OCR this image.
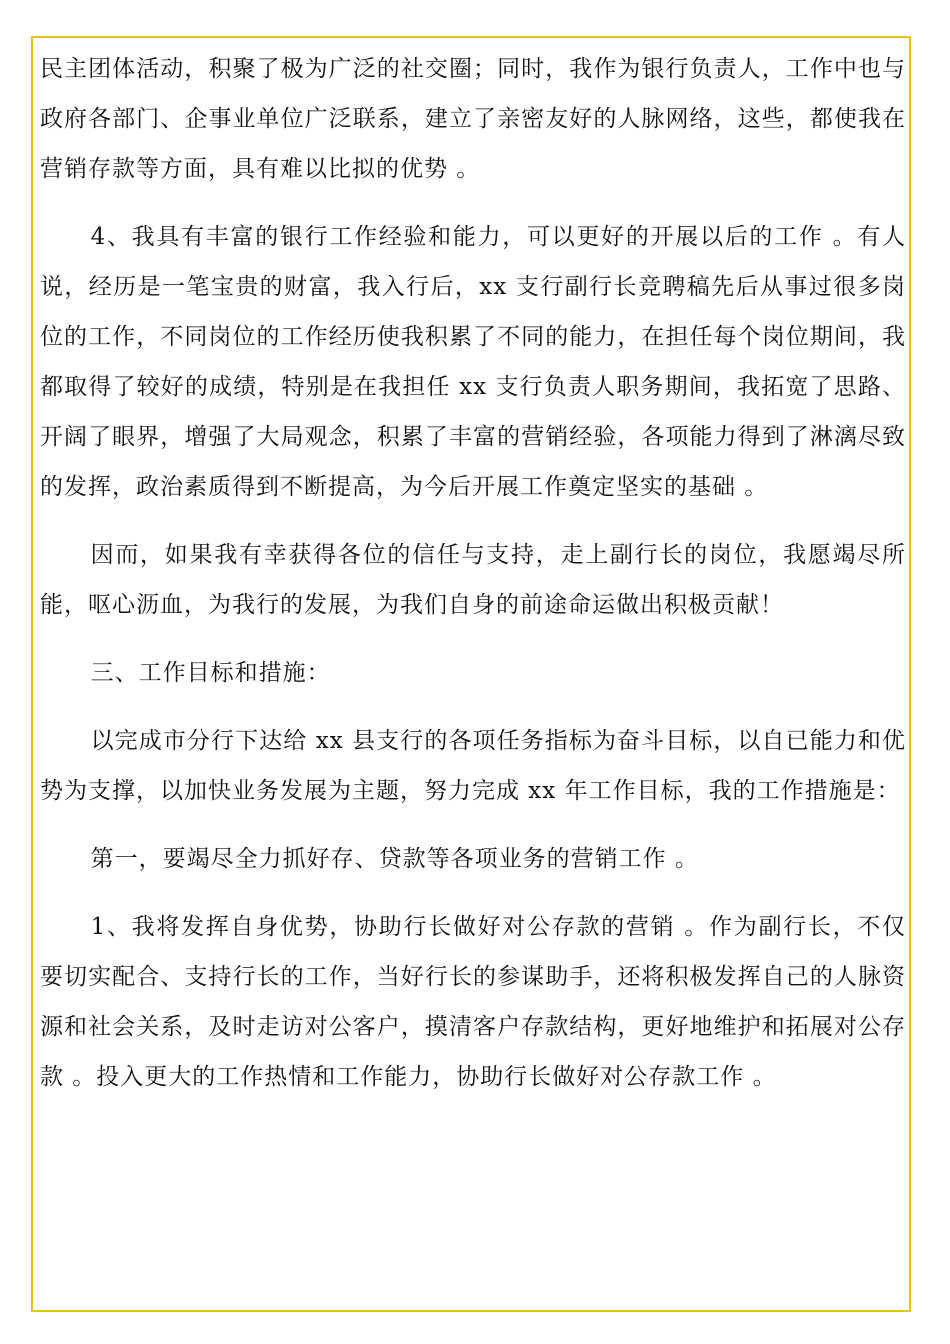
民主团体活动，积聚了极为广泛的社交圈；同时，我作为银行负责人，工作中也与政府各部门、企事业单位广泛联系，建立了亲密友好的人脉网络，这些，都使我在营销存款等方面，具有难以比拟的优势 。

4、我具有丰富的银行工作经验和能力，可以更好的开展以后的工作 。有人说，经历是一笔宝贵的财富，我入行后，xx 支行副行长竞聘稿先后从事过很多岗位的工作，不同岗位的工作经历使我积累了不同的能力，在担任每个岗位期间，我都取得了较好的成绩，特别是在我担任 xx 支行负责人职务期间，我拓宽了思路、开阔了眼界，增强了大局观念，积累了丰富的营销经验，各项能力得到了淋漓尽致的发挥，政治素质得到不断提高，为今后开展工作奠定坚实的基础 。

因而，如果我有幸获得各位的信任与支持，走上副行长的岗位，我愿竭尽所能，呕心沥血，为我行的发展，为我们自身的前途命运做出积极贡献！

三、工作目标和措施：

以完成市分行下达给 xx 县支行的各项任务指标为奋斗目标，以自已能力和优势为支撑，以加快业务发展为主题，努力完成 xx 年工作目标，我的工作措施是：

第一，要竭尽全力抓好存、贷款等各项业务的营销工作 。

1、我将发挥自身优势，协助行长做好对公存款的营销 。作为副行长，不仅要切实配合、支持行长的工作，当好行长的参谋助手，还将积极发挥自己的人脉资源和社会关系，及时走访对公客户，摸清客户存款结构，更好地维护和拓展对公存款 。投入更大的工作热情和工作能力，协助行长做好对公存款工作 。
